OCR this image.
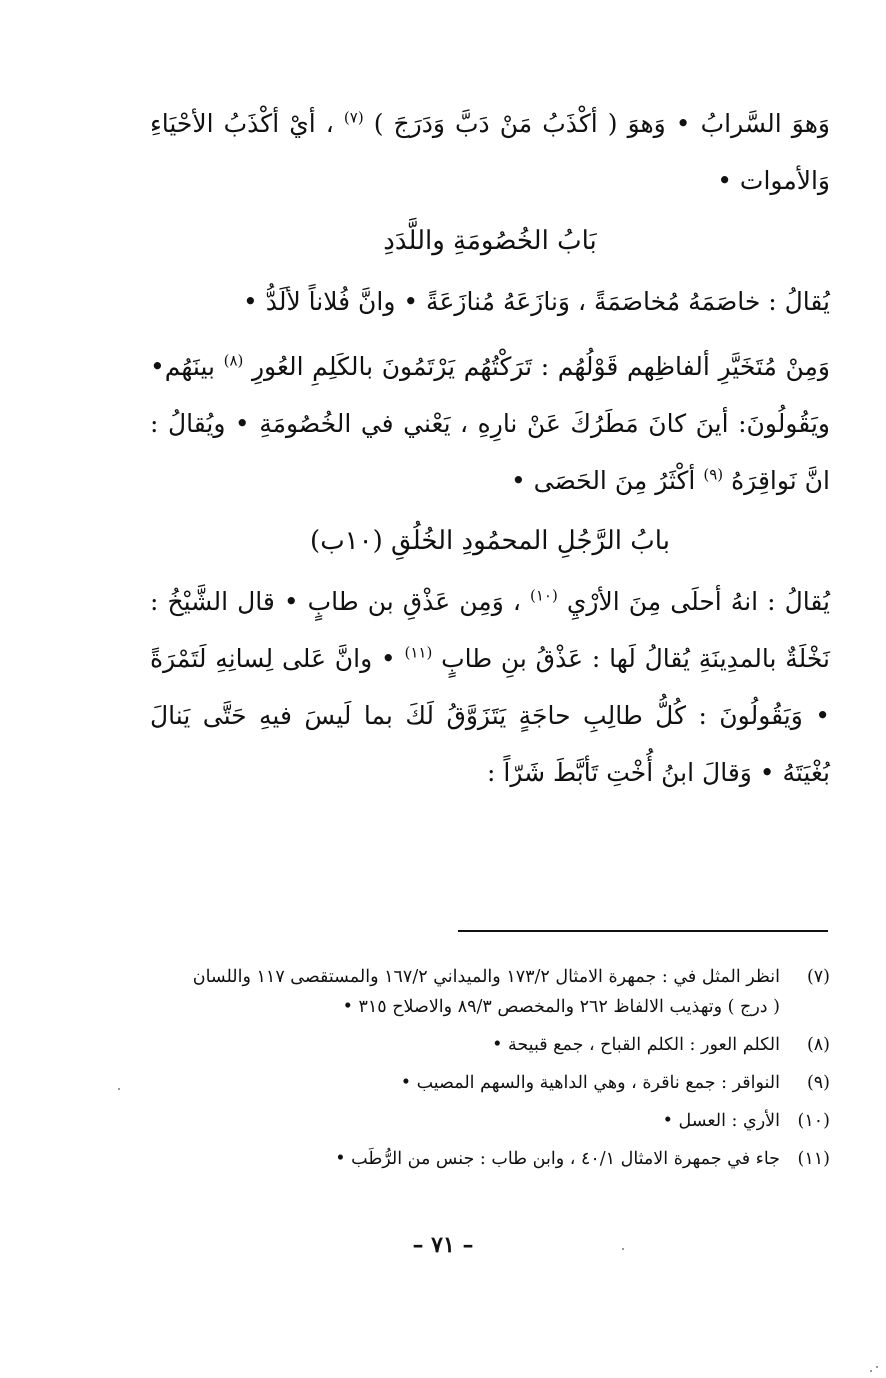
وَهوَ السَّرابُ • وَهوَ ( أكْذَبُ مَنْ دَبَّ وَدَرَجَ ) $^{(٧)}$ ، أيْ أكْذَبُ الأحْيَاءِ وَالأموات •

بَابُ الخُصُومَةِ واللَّدَدِ

يُقالُ : خاصَمَهُ مُخاصَمَةً ، وَنازَعَهُ مُنازَعَةً • وانَّ فُلاناً لألَدُّ •

وَمِنْ مُتَخَيَّرِ ألفاظِهم قَوْلُهُم : تَرَكْتُهُم يَرْتَمُونَ بالكَلِمِ العُورِ $^{(٨)}$ بينَهُم• ويَقُولُونَ: أينَ كانَ مَطَرُكَ عَنْ نارِهِ ، يَعْني في الخُصُومَةِ • ويُقالُ : انَّ نَواقِرَهُ $^{(٩)}$ أكْثَرُ مِنَ الحَصَى •

بابُ الرَّجُلِ المحمُودِ الخُلُقِ (١٠ب)

يُقالُ : انهُ أحلَى مِنَ الأرْيِ $^{(١٠)}$ ، وَمِن عَذْقِ بن طابٍ • قال الشَّيْخُ : نَخْلَةٌ بالمدِينَةِ يُقالُ لَها : عَذْقُ بنِ طابٍ $^{(١١)}$ • وانَّ عَلى لِسانِهِ لَتَمْرَةً • وَيَقُولُونَ : كُلُّ طالِبِ حاجَةٍ يَتَزَوَّقُ لَكَ بما لَيسَ فيهِ حَتَّى يَنالَ بُغْيَتَهُ • وَقالَ ابنُ أُخْتِ تَأبَّطَ شَرّاً :

(٧)
انظر المثل في : جمهرة الامثال ١٧٣/٢ والميداني ١٦٧/٢ والمستقصى ١١٧ واللسان ( درج ) وتهذيب الالفاظ ٢٦٢ والمخصص ٨٩/٣ والاصلاح ٣١٥ •
(٨)
الكلم العور : الكلم القباح ، جمع قبيحة •
(٩)
النواقر : جمع ناقرة ، وهي الداهية والسهم المصيب •
(١٠)
الأري : العسل •
(١١)
جاء في جمهرة الامثال ٤٠/١ ، وابن طاب : جنس من الرُّطَب •
– ٧١ –
